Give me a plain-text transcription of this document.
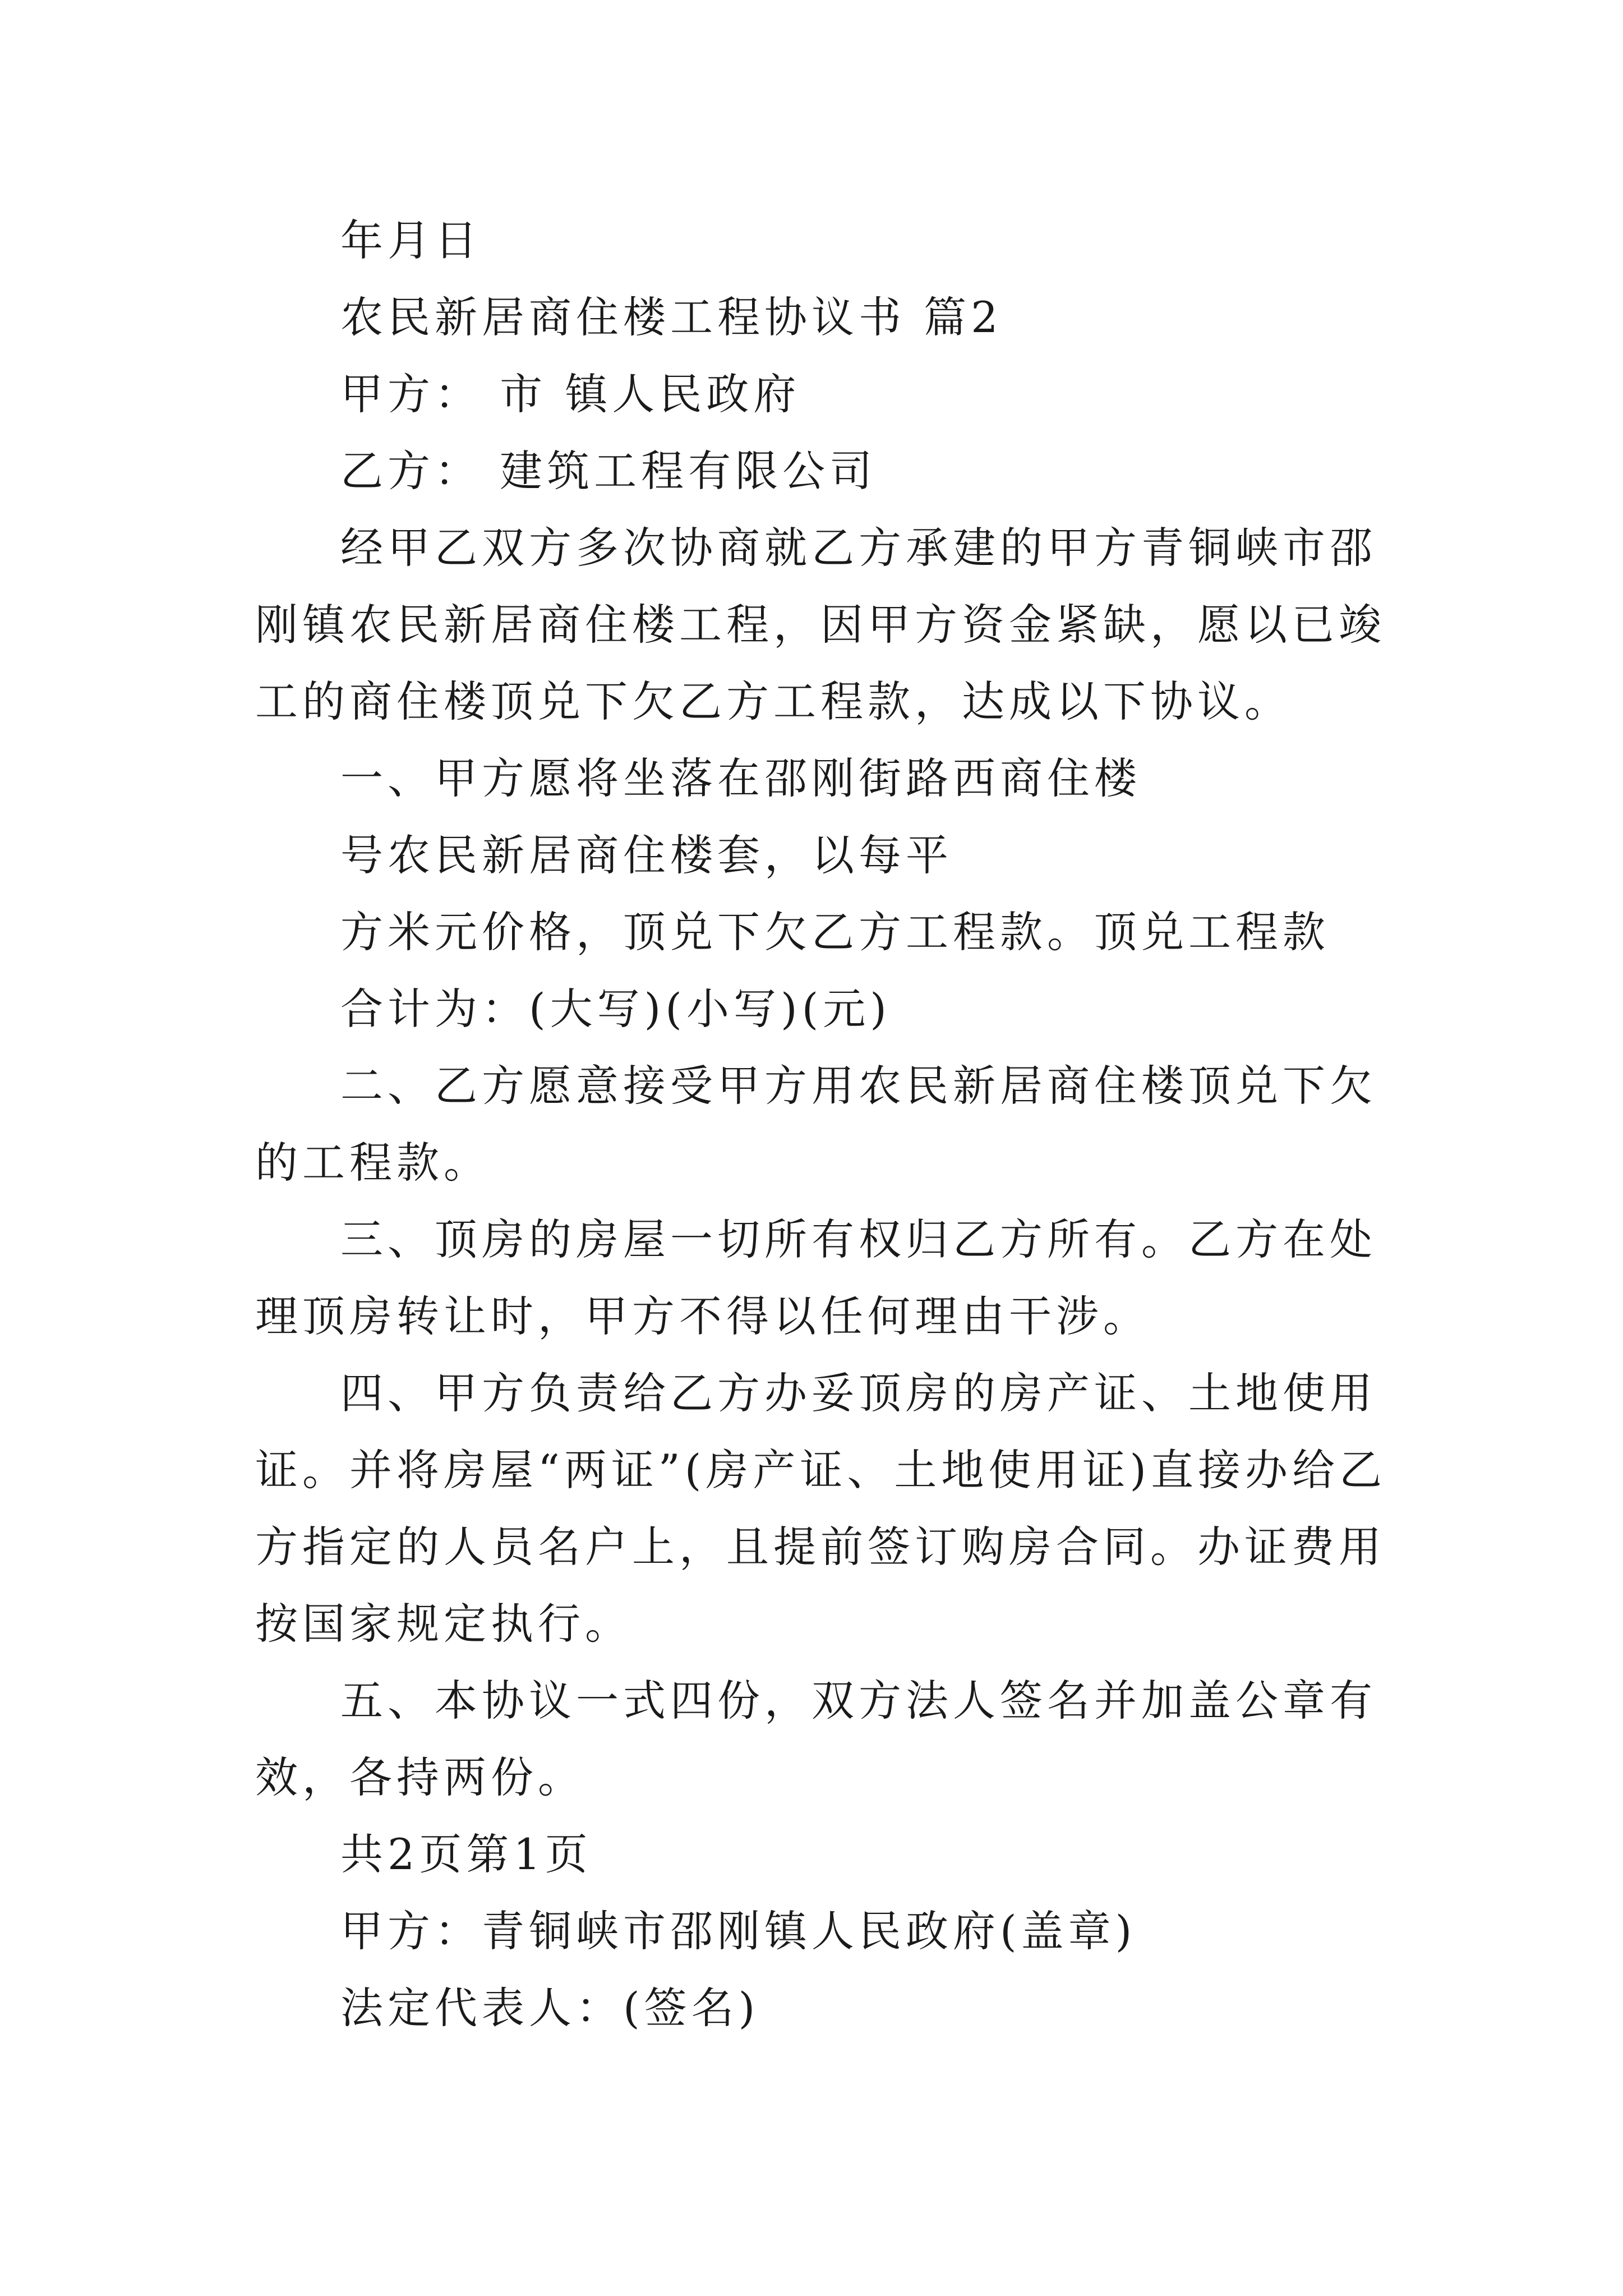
年月日

农民新居商住楼工程协议书 篇2

甲方： 市 镇人民政府

乙方： 建筑工程有限公司

经甲乙双方多次协商就乙方承建的甲方青铜峡市邵刚镇农民新居商住楼工程，因甲方资金紧缺，愿以已竣工的商住楼顶兑下欠乙方工程款，达成以下协议。

一、甲方愿将坐落在邵刚街路西商住楼

号农民新居商住楼套，以每平

方米元价格，顶兑下欠乙方工程款。顶兑工程款

合计为：(大写)(小写)(元)

二、乙方愿意接受甲方用农民新居商住楼顶兑下欠的工程款。

三、顶房的房屋一切所有权归乙方所有。乙方在处理顶房转让时，甲方不得以任何理由干涉。

四、甲方负责给乙方办妥顶房的房产证、土地使用证。并将房屋“两证”(房产证、土地使用证)直接办给乙方指定的人员名户上，且提前签订购房合同。办证费用按国家规定执行。

五、本协议一式四份，双方法人签名并加盖公章有效，各持两份。

共2页第1页

甲方：青铜峡市邵刚镇人民政府(盖章)

法定代表人：(签名)
